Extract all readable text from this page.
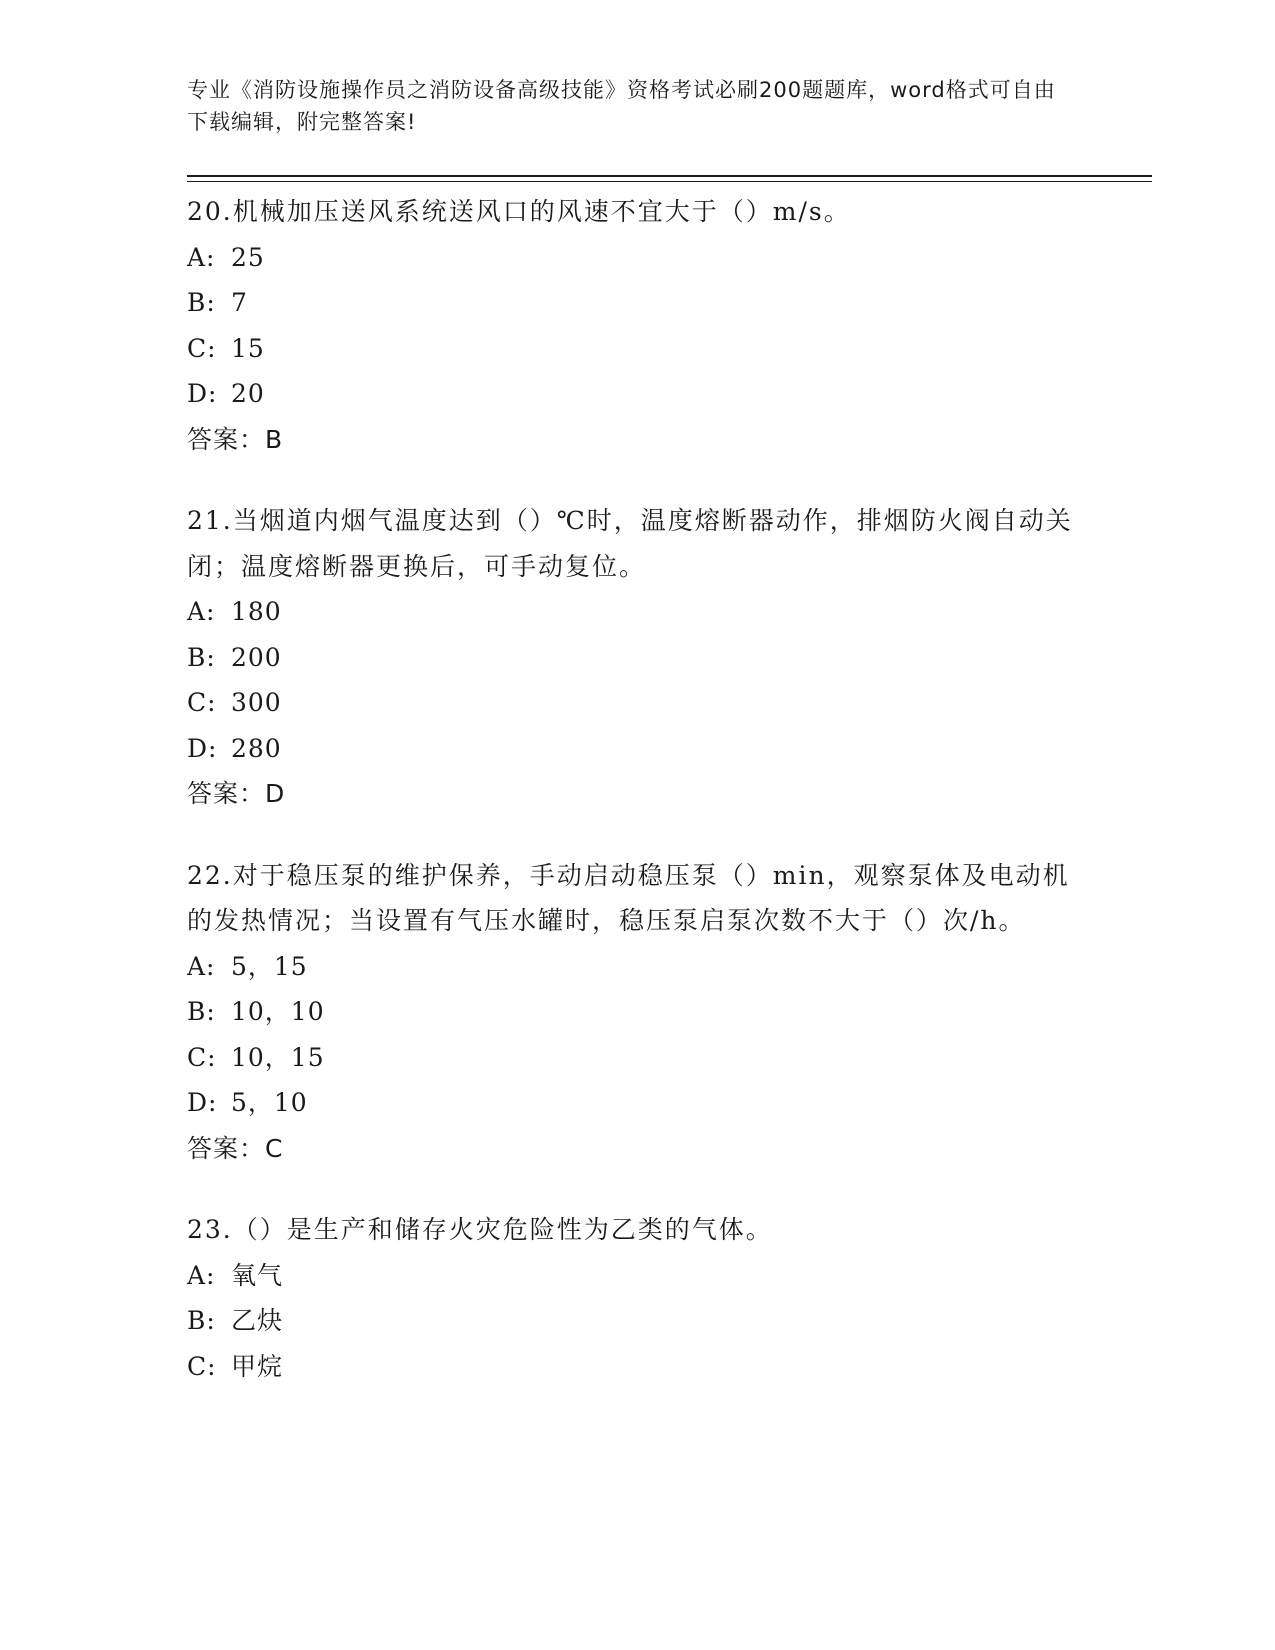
专业《消防设施操作员之消防设备高级技能》资格考试必刷200题题库，word格式可自由下载编辑，附完整答案!

20.机械加压送风系统送风口的风速不宜大于（）m/s。

A: 25

B: 7

C: 15

D: 20

答案：B

21.当烟道内烟气温度达到（）℃时，温度熔断器动作，排烟防火阀自动关闭；温度熔断器更换后，可手动复位。

A: 180

B: 200

C: 300

D: 280

答案：D

22.对于稳压泵的维护保养，手动启动稳压泵（）min，观察泵体及电动机的发热情况；当设置有气压水罐时，稳压泵启泵次数不大于（）次/h。

A: 5，15

B: 10，10

C: 10，15

D: 5，10

答案：C

23.（）是生产和储存火灾危险性为乙类的气体。

A: 氧气

B: 乙炔

C: 甲烷
